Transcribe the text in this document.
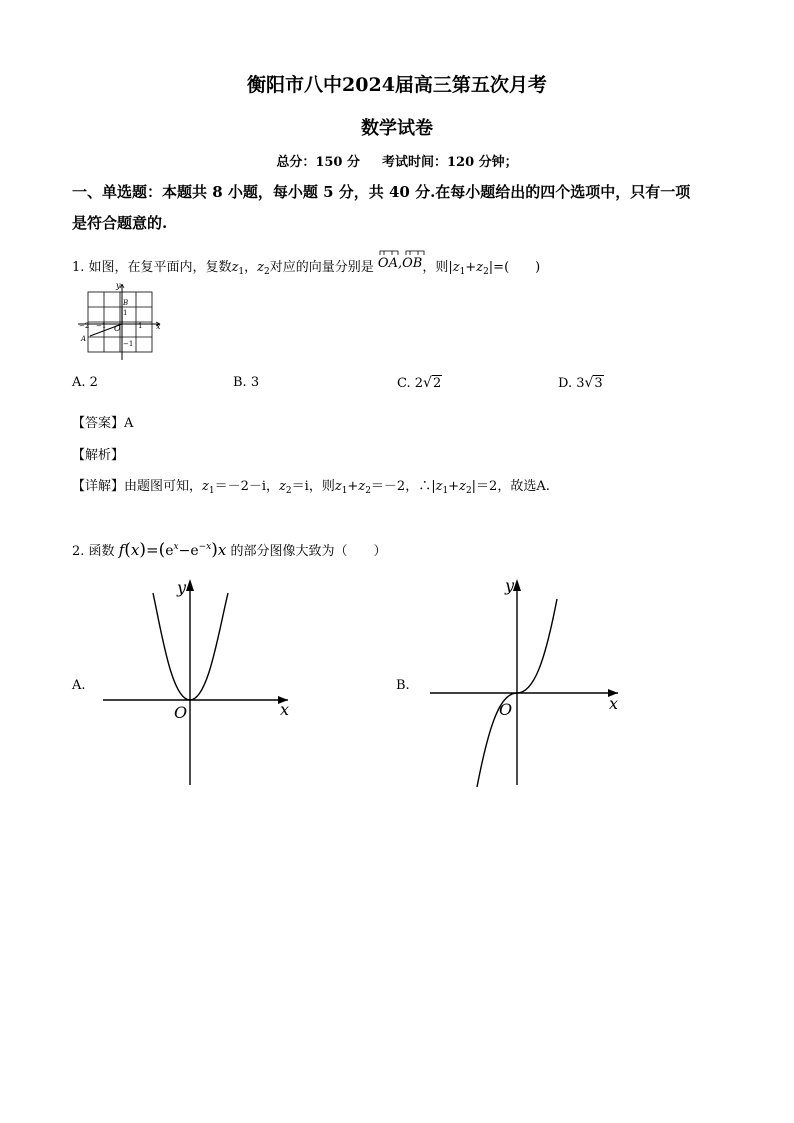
衡阳市八中2024届高三第五次月考
数学试卷
总分：150 分 考试时间：120 分钟；
一、单选题：本题共 8 小题，每小题 5 分，共 40 分.在每小题给出的四个选项中，只有一项
是符合题意的.
1. 如图，在复平面内，复数$z_1$，$z_2$对应的向量分别是 OA,OB，则$|z_1+z_2|=$(　　)
y
B
1
−2 −1 O 1 x
A
−1
A. 2	B. 3	C. 2√2	D. 3√3
【答案】A
【解析】
【详解】由题图可知，$z_1=-2-i$，$z_2=i$，则$z_1+z_2=-2$，$\therefore|z_1+z_2|=2$，故选A.
2. 函数 $f(x)=(e^x-e^{-x})x$ 的部分图像大致为（　　）
A.	B.
y
x
O
y
x
O
